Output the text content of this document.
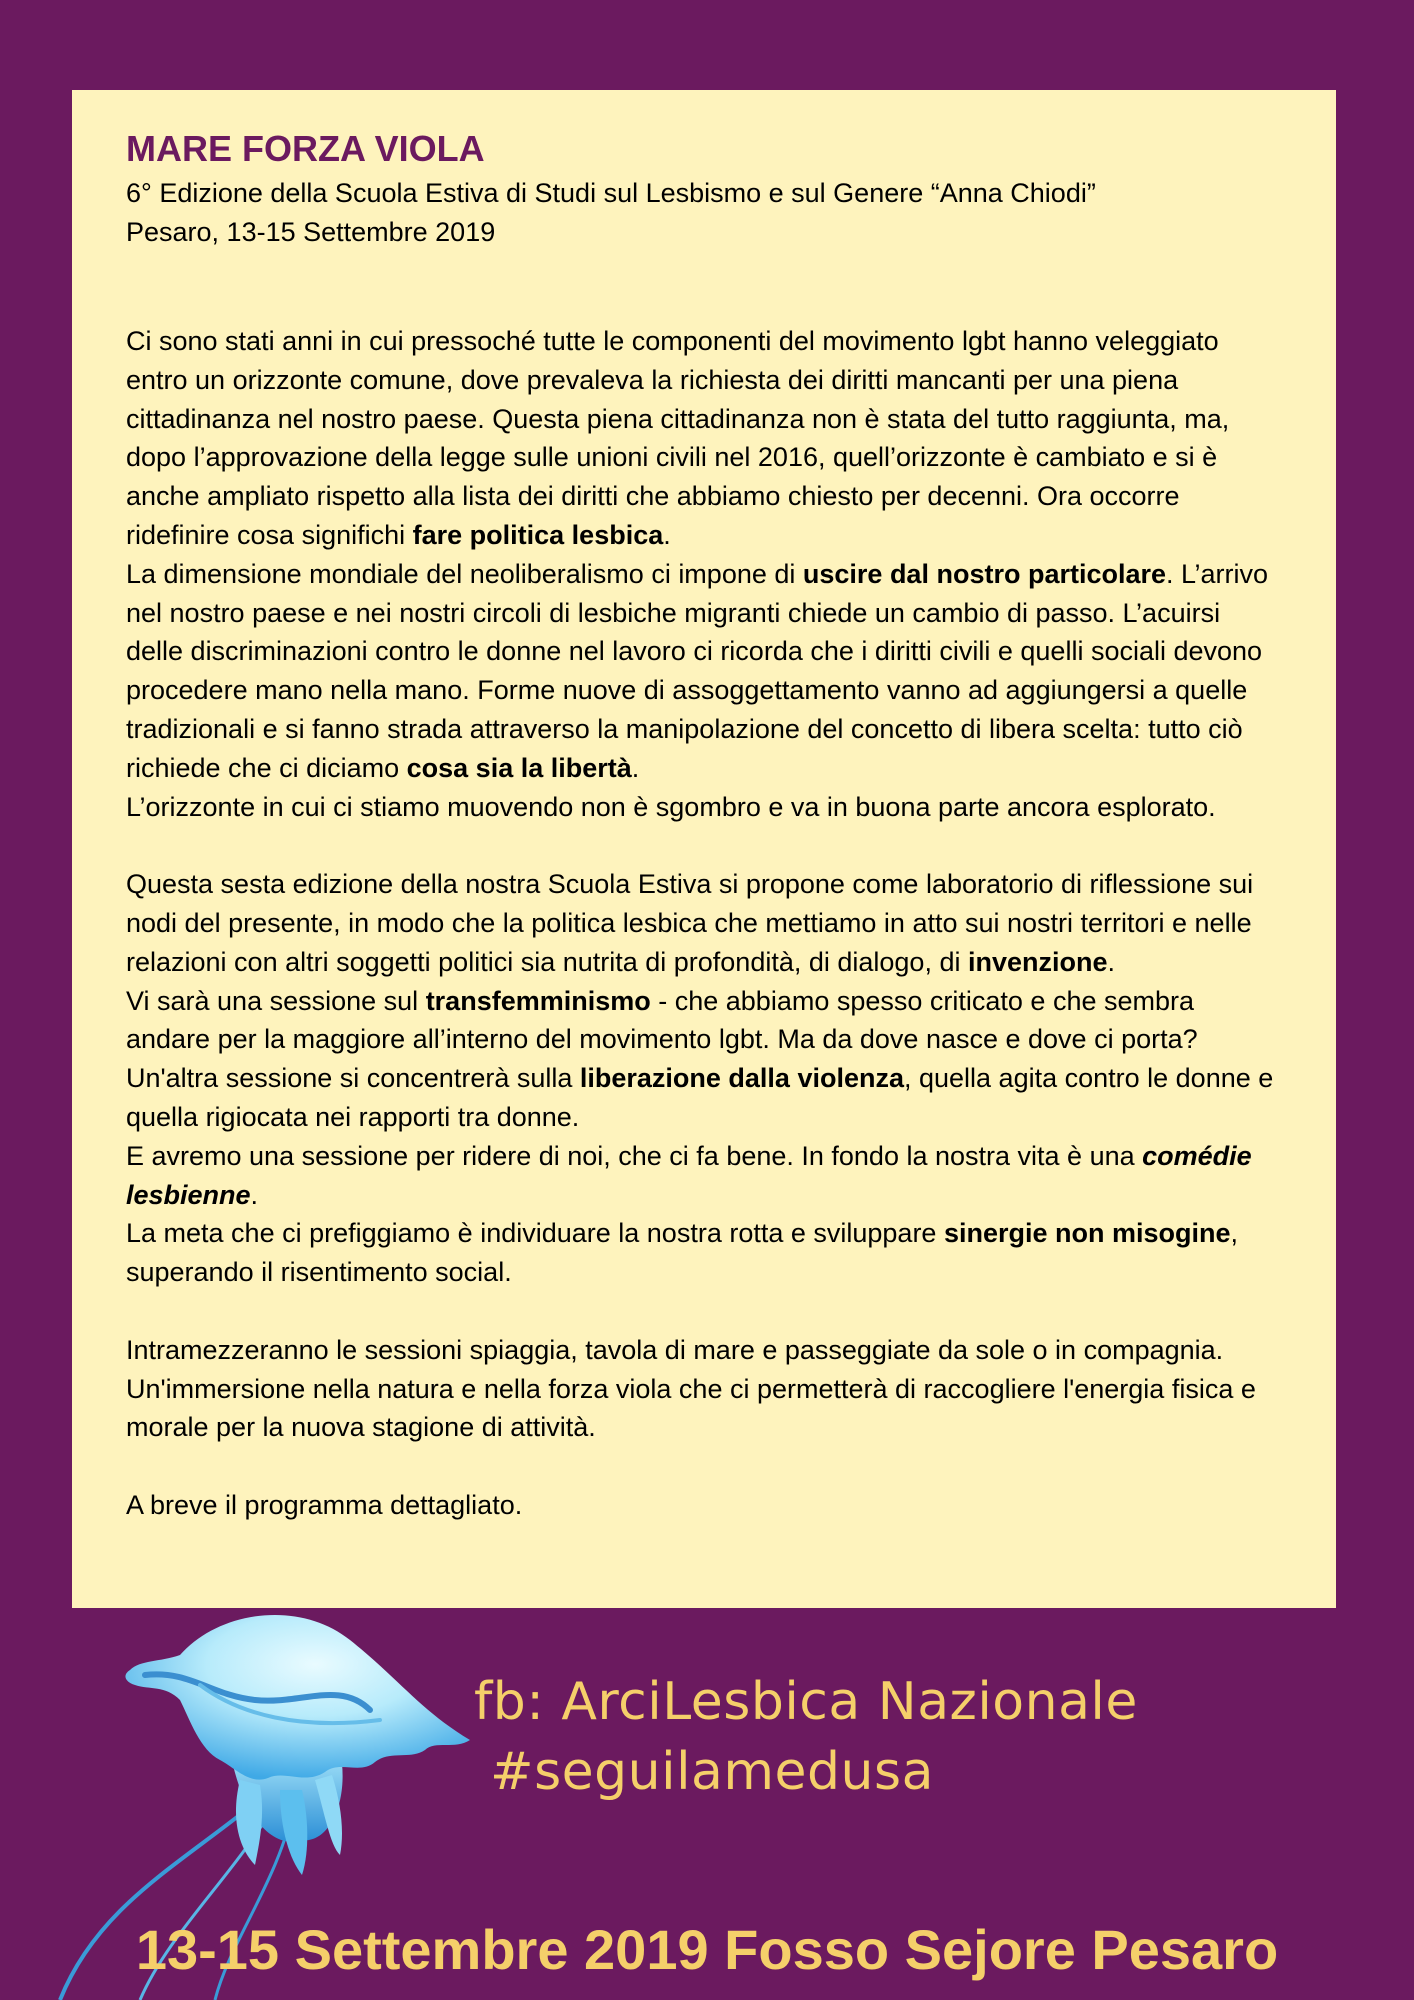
MARE FORZA VIOLA

6° Edizione della Scuola Estiva di Studi sul Lesbismo e sul Genere “Anna Chiodi”

Pesaro, 13-15 Settembre 2019

Ci sono stati anni in cui pressoché tutte le componenti del movimento lgbt hanno veleggiato entro un orizzonte comune, dove prevaleva la richiesta dei diritti mancanti per una piena cittadinanza nel nostro paese. Questa piena cittadinanza non è stata del tutto raggiunta, ma, dopo l’approvazione della legge sulle unioni civili nel 2016, quell’orizzonte è cambiato e si è anche ampliato rispetto alla lista dei diritti che abbiamo chiesto per decenni. Ora occorre ridefinire cosa significhi fare politica lesbica.
La dimensione mondiale del neoliberalismo ci impone di uscire dal nostro particolare. L’arrivo nel nostro paese e nei nostri circoli di lesbiche migranti chiede un cambio di passo. L’acuirsi delle discriminazioni contro le donne nel lavoro ci ricorda che i diritti civili e quelli sociali devono procedere mano nella mano. Forme nuove di assoggettamento vanno ad aggiungersi a quelle tradizionali e si fanno strada attraverso la manipolazione del concetto di libera scelta: tutto ciò richiede che ci diciamo cosa sia la libertà.
L’orizzonte in cui ci stiamo muovendo non è sgombro e va in buona parte ancora esplorato.

Questa sesta edizione della nostra Scuola Estiva si propone come laboratorio di riflessione sui nodi del presente, in modo che la politica lesbica che mettiamo in atto sui nostri territori e nelle relazioni con altri soggetti politici sia nutrita di profondità, di dialogo, di invenzione.
Vi sarà una sessione sul transfemminismo - che abbiamo spesso criticato e che sembra andare per la maggiore all’interno del movimento lgbt. Ma da dove nasce e dove ci porta?
Un'altra sessione si concentrerà sulla liberazione dalla violenza, quella agita contro le donne e quella rigiocata nei rapporti tra donne.
E avremo una sessione per ridere di noi, che ci fa bene. In fondo la nostra vita è una comédie lesbienne.
La meta che ci prefiggiamo è individuare la nostra rotta e sviluppare sinergie non misogine, superando il risentimento social.

Intramezzeranno le sessioni spiaggia, tavola di mare e passeggiate da sole o in compagnia. Un'immersione nella natura e nella forza viola che ci permetterà di raccogliere l'energia fisica e morale per la nuova stagione di attività.

A breve il programma dettagliato.

fb: ArciLesbica Nazionale
#seguilamedusa
13-15 Settembre 2019 Fosso Sejore Pesaro
